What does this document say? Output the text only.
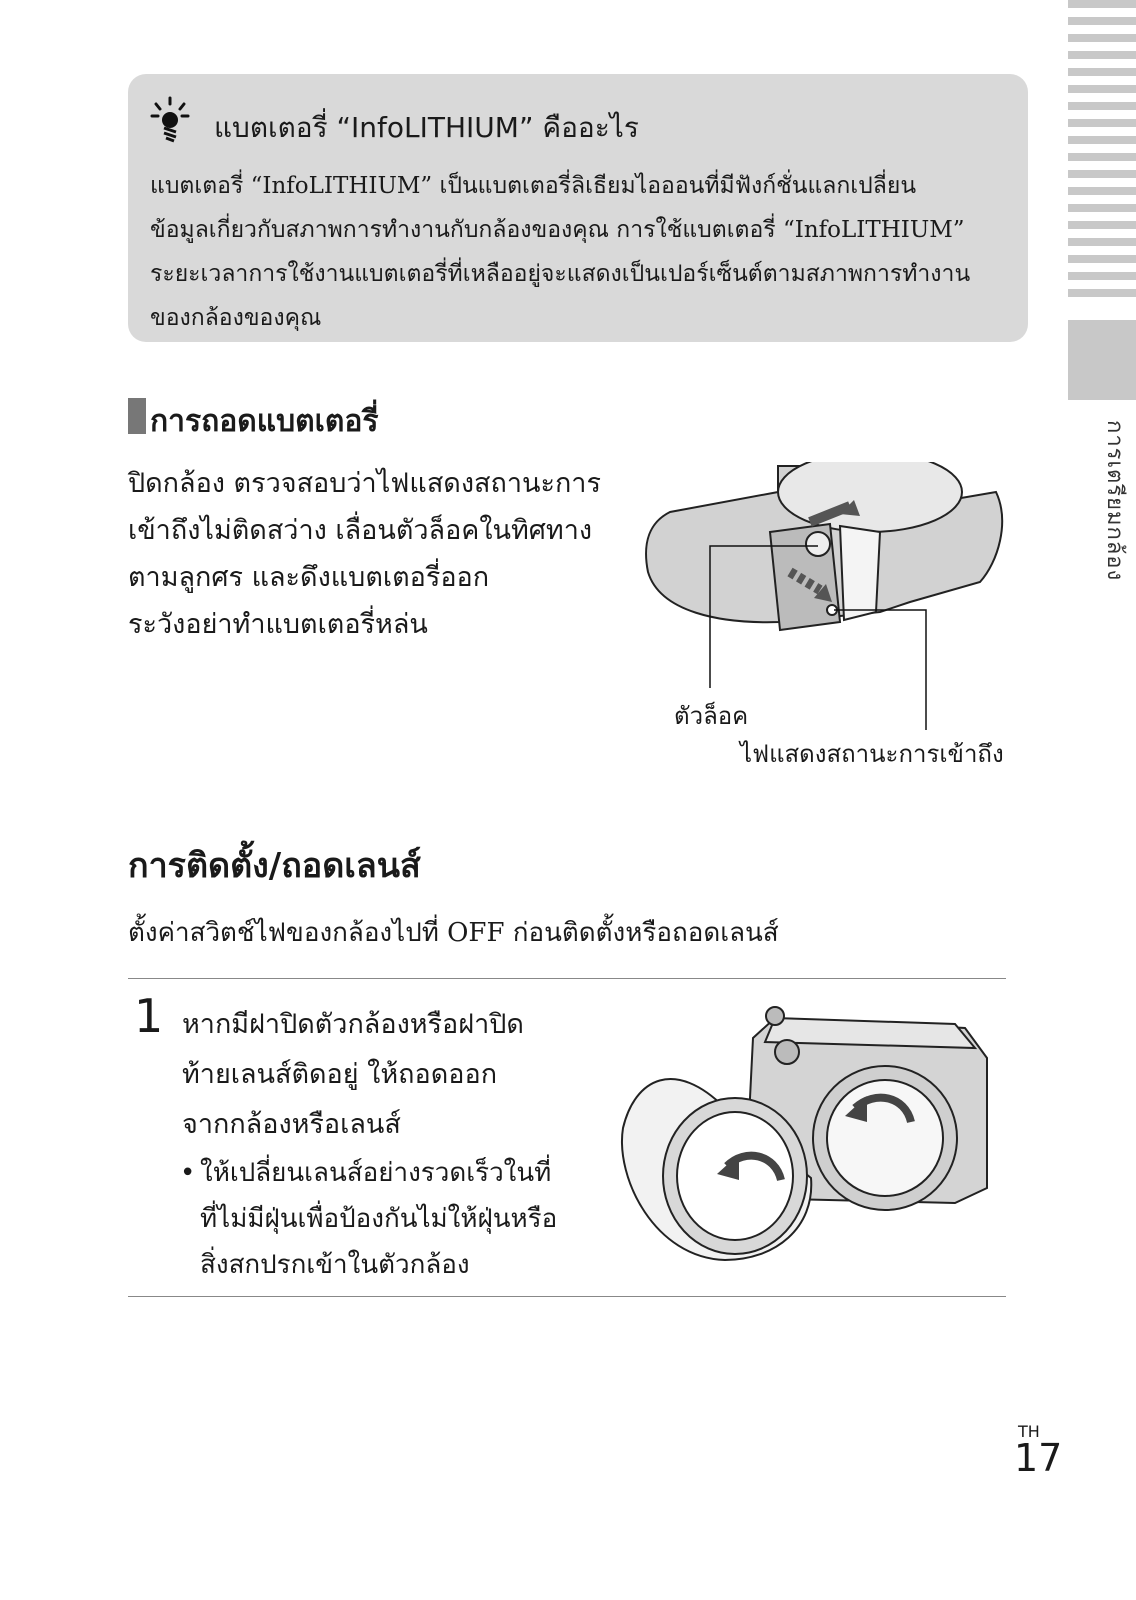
การเตรียมกล้อง
แบตเตอรี่ “InfoLITHIUM” คืออะไร
แบตเตอรี่ “InfoLITHIUM” เป็นแบตเตอรี่ลิเธียมไอออนที่มีฟังก์ชั่นแลกเปลี่ยน
ข้อมูลเกี่ยวกับสภาพการทำงานกับกล้องของคุณ การใช้แบตเตอรี่ “InfoLITHIUM”
ระยะเวลาการใช้งานแบตเตอรี่ที่เหลืออยู่จะแสดงเป็นเปอร์เซ็นต์ตามสภาพการทำงาน
ของกล้องของคุณ
การถอดแบตเตอรี่
ปิดกล้อง ตรวจสอบว่าไฟแสดงสถานะการ
เข้าถึงไม่ติดสว่าง เลื่อนตัวล็อคในทิศทาง
ตามลูกศร และดึงแบตเตอรี่ออก
ระวังอย่าทำแบตเตอรี่หล่น
ตัวล็อค
ไฟแสดงสถานะการเข้าถึง
การติดตั้ง/ถอดเลนส์
ตั้งค่าสวิตช์ไฟของกล้องไปที่ OFF ก่อนติดตั้งหรือถอดเลนส์
1 หากมีฝาปิดตัวกล้องหรือฝาปิด
ท้ายเลนส์ติดอยู่ ให้ถอดออก
จากกล้องหรือเลนส์
• ให้เปลี่ยนเลนส์อย่างรวดเร็วในที่
ที่ไม่มีฝุ่นเพื่อป้องกันไม่ให้ฝุ่นหรือ
สิ่งสกปรกเข้าในตัวกล้อง
TH
17
